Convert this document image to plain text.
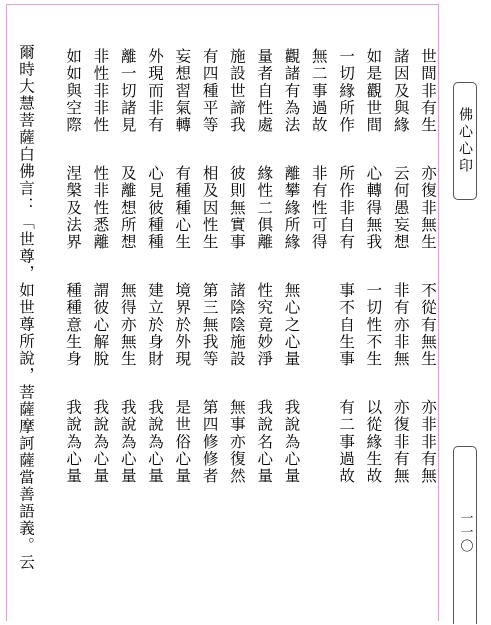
世間非有生
亦復非無生
不從有無生
亦非非有無
諸因及與緣
云何愚妄想
非有亦非無
亦復非有無
如是觀世間
心轉得無我
一切性不生
以從緣生故
一切緣所作
所作非自有
事不自生事
有二事過故
無二事過故
非有性可得
觀諸有為法
離攀緣所緣
無心之心量
我說為心量
量者自性處
緣性二俱離
性究竟妙淨
我說名心量
施設世諦我
彼則無實事
諸陰陰施設
無事亦復然
有四種平等
相及因性生
第三無我等
第四修修者
妄想習氣轉
有種種心生
境界於外現
是世俗心量
外現而非有
心見彼種種
建立於身財
我說為心量
離一切諸見
及離想所想
無得亦無生
我說為心量
非性非非性
性非性悉離
謂彼心解脫
我說為心量
如如與空際
涅槃及法界
種種意生身
我說為心量
爾時大慧菩薩白佛言：「世尊，如世尊所說，菩薩摩訶薩當善語義。云	佛心心印
一一〇
